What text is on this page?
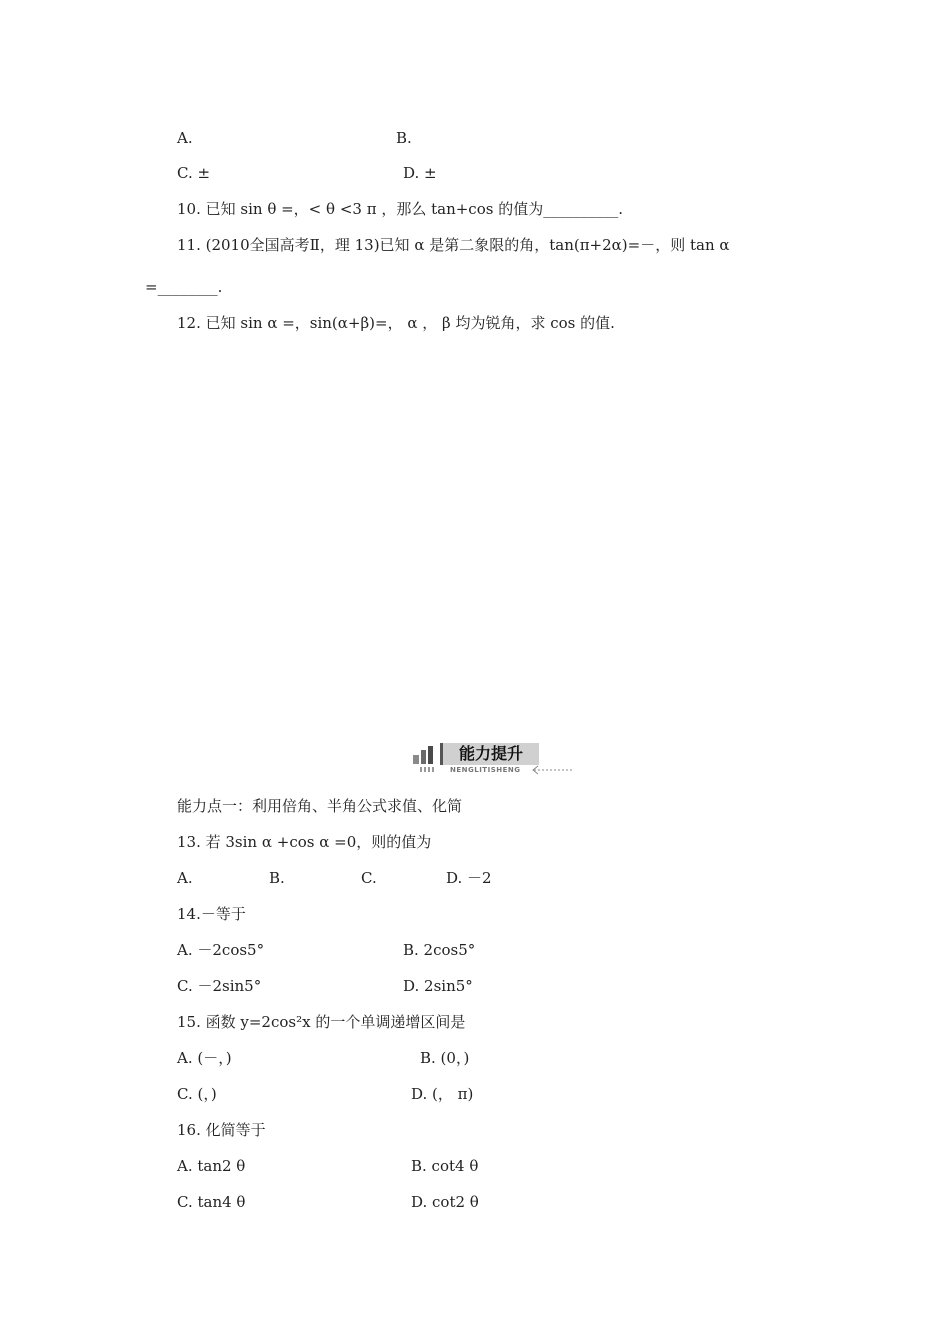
A.	B.
C. ±	D. ±
10. 已知 sin θ =，< θ <3 π ，那么 tan+cos 的值为__________.
11. (2010全国高考Ⅱ，理 13)已知 α 是第二象限的角，tan(π+2α)=－，则 tan α
=________.
12. 已知 sin α =，sin(α+β)=， α ， β 均为锐角，求 cos 的值.
能力提升
NENGLITISHENG
能力点一：利用倍角、半角公式求值、化简
13. 若 3sin α +cos α =0，则的值为
A.	B.	C.	D. －2
14.－等于
A. －2cos5°	B. 2cos5°
C. －2sin5°	D. 2sin5°
15. 函数 y=2cos²x 的一个单调递增区间是
A. (－，)	B. (0，)
C. (，)	D. (， π)
16. 化简等于
A. tan2 θ	B. cot4 θ
C. tan4 θ	D. cot2 θ
